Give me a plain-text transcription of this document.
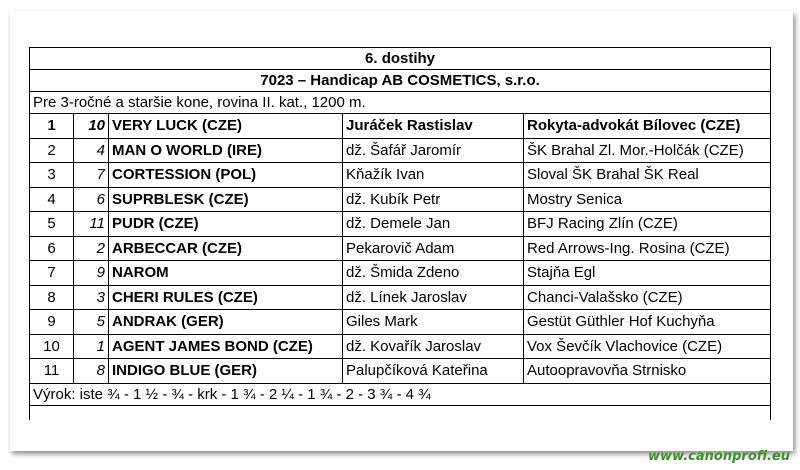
6. dostihy				
7023 – Handicap AB COSMETICS, s.r.o.				
Pre 3-ročné a staršie kone, rovina II. kat., 1200 m.				
1	10	VERY LUCK (CZE)	Juráček Rastislav	Rokyta-advokát Bílovec (CZE)
2	4	MAN O WORLD (IRE)	dž. Šafář Jaromír	ŠK Brahal Zl. Mor.-Holčák (CZE)
3	7	CORTESSION (POL)	Kňažík Ivan	Sloval ŠK Brahal ŠK Real
4	6	SUPRBLESK (CZE)	dž. Kubík Petr	Mostry Senica
5	11	PUDR (CZE)	dž. Demele Jan	BFJ Racing Zlín (CZE)
6	2	ARBECCAR (CZE)	Pekarovič Adam	Red Arrows-Ing. Rosina (CZE)
7	9	NAROM	dž. Šmida Zdeno	Stajňa Egl
8	3	CHERI RULES (CZE)	dž. Línek Jaroslav	Chanci-Valašsko (CZE)
9	5	ANDRAK (GER)	Giles Mark	Gestüt Güthler Hof Kuchyňa
10	1	AGENT JAMES BOND (CZE)	dž. Kovařík Jaroslav	Vox Ševčík Vlachovice (CZE)
11	8	INDIGO BLUE (GER)	Palupčíková Kateřina	Autoopravovňa Strnisko
Výrok: iste ¾ - 1 ½ - ¾ - krk - 1 ¾ - 2 ¼ - 1 ¾ - 2 - 3 ¾ - 4 ¾				

www.canonprofi.eu
